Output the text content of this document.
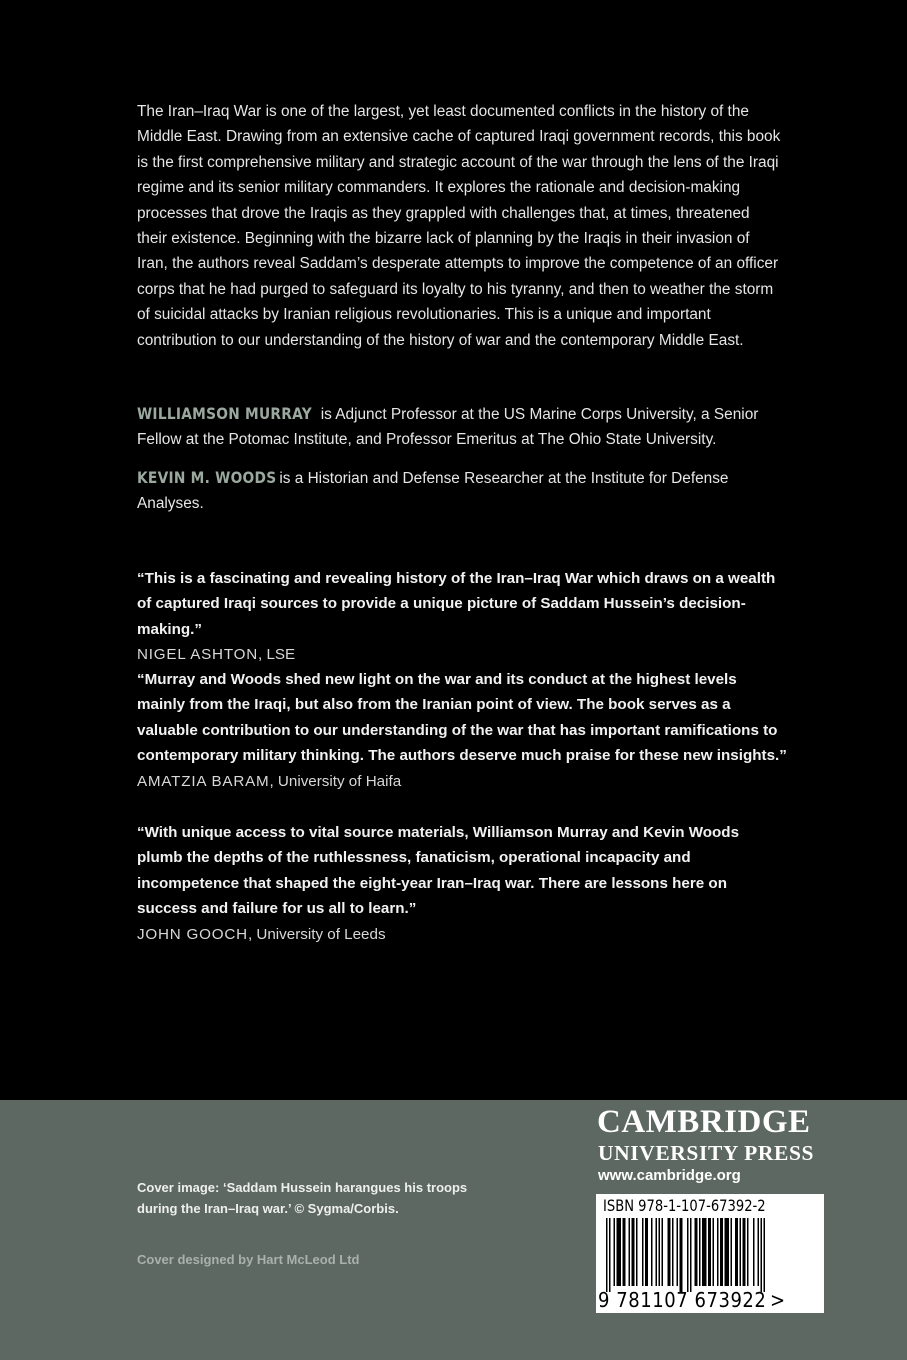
The Iran–Iraq War is one of the largest, yet least documented conflicts in the history of the Middle East. Drawing from an extensive cache of captured Iraqi government records, this book is the first comprehensive military and strategic account of the war through the lens of the Iraqi regime and its senior military commanders. It explores the rationale and decision-making processes that drove the Iraqis as they grappled with challenges that, at times, threatened their existence. Beginning with the bizarre lack of planning by the Iraqis in their invasion of Iran, the authors reveal Saddam’s desperate attempts to improve the competence of an officer corps that he had purged to safeguard its loyalty to his tyranny, and then to weather the storm of suicidal attacks by Iranian religious revolutionaries. This is a unique and important contribution to our understanding of the history of war and the contemporary Middle East.

WILLIAMSON MURRAY is Adjunct Professor at the US Marine Corps University, a Senior Fellow at the Potomac Institute, and Professor Emeritus at The Ohio State University.

KEVIN M. WOODS is a Historian and Defense Researcher at the Institute for Defense Analyses.

“This is a fascinating and revealing history of the Iran–Iraq War which draws on a wealth of captured Iraqi sources to provide a unique picture of Saddam Hussein’s decision-making.”

NIGEL ASHTON, LSE

“Murray and Woods shed new light on the war and its conduct at the highest levels mainly from the Iraqi, but also from the Iranian point of view. The book serves as a valuable contribution to our understanding of the war that has important ramifications to contemporary military thinking. The authors deserve much praise for these new insights.”

AMATZIA BARAM, University of Haifa

“With unique access to vital source materials, Williamson Murray and Kevin Woods plumb the depths of the ruthlessness, fanaticism, operational incapacity and incompetence that shaped the eight-year Iran–Iraq war. There are lessons here on success and failure for us all to learn.”

JOHN GOOCH, University of Leeds

Cover image: ‘Saddam Hussein harangues his troops during the Iran–Iraq war.’ © Sygma/Corbis.

Cover designed by Hart McLeod Ltd

CAMBRIDGE
UNIVERSITY PRESS
www.cambridge.org
ISBN 978-1-107-67392-2
9 781107 673922 >
